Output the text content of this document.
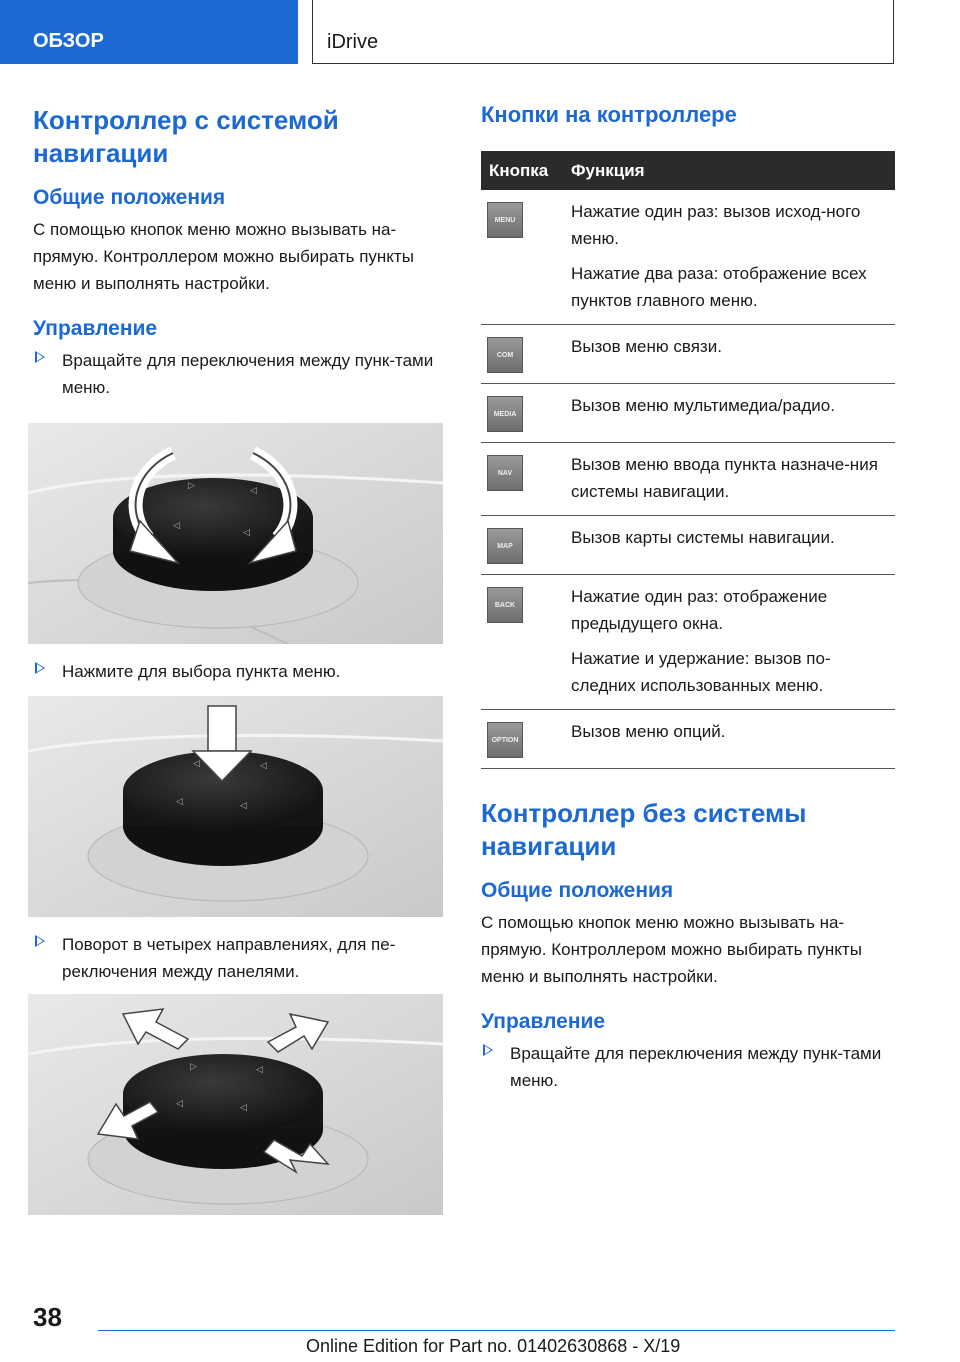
ОБЗОР	iDrive
Контроллер с системой навигации
Общие положения

С помощью кнопок меню можно вызывать на-прямую. Контроллером можно выбирать пункты меню и выполнять настройки.

Управление
Вращайте для переключения между пунк-тами меню.
▷	◁
◁
◁
Нажмите для выбора пункта меню.
◁	◁
◁	◁
Поворот в четырех направлениях, для пе-реключения между панелями.
▷	◁
◁	◁
Кнопки на контроллере
Кнопка	Функция

MENU	Нажатие один раз: вызов исход-ного меню.

Нажатие два раза: отображение всех пунктов главного меню.

COM	Вызов меню связи.

MEDIA	Вызов меню мультимедиа/радио.

NAV	Вызов меню ввода пункта назначе-ния системы навигации.

MAP	Вызов карты системы навигации.

BACK	Нажатие один раз: отображение предыдущего окна.

Нажатие и удержание: вызов по-следних использованных меню.

OPTION	Вызов меню опций.

Контроллер без системы навигации
Общие положения

С помощью кнопок меню можно вызывать на-прямую. Контроллером можно выбирать пункты меню и выполнять настройки.

Управление
Вращайте для переключения между пунк-тами меню.
38
Online Edition for Part no. 01402630868 - X/19
